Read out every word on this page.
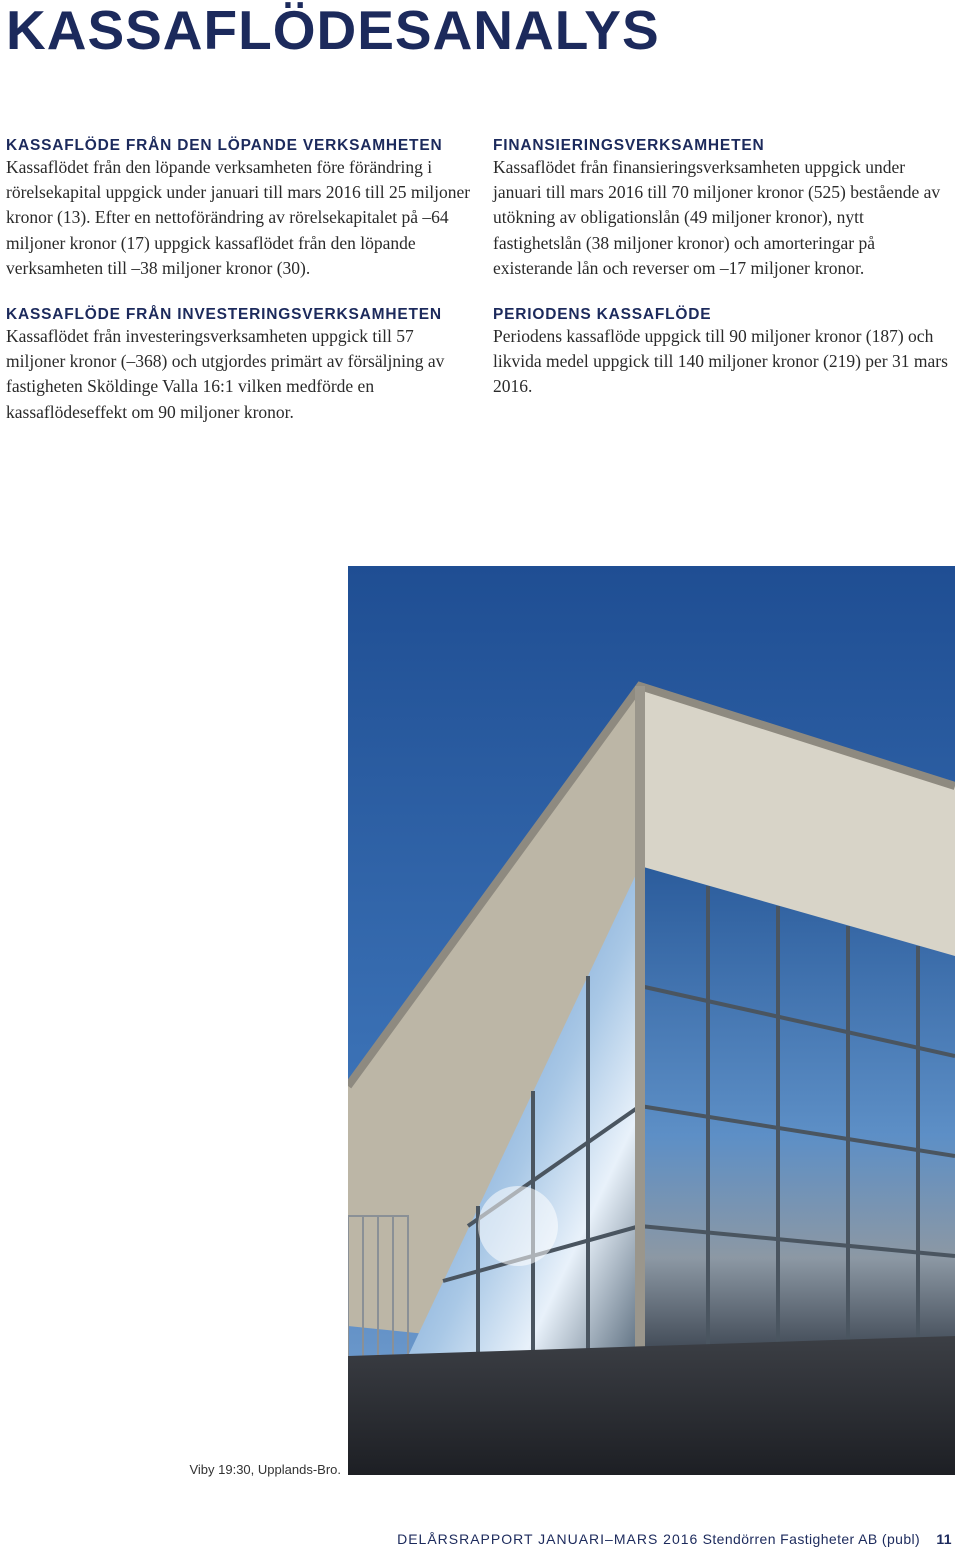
KASSAFLÖDESANALYS
KASSAFLÖDE FRÅN DEN LÖPANDE VERKSAMHETEN

Kassaflödet från den löpande verksamheten före förändring i rörelsekapital uppgick under januari till mars 2016 till 25 miljoner kronor (13). Efter en nettoförändring av rörelsekapitalet på –64 miljoner kronor (17) uppgick kassaflödet från den löpande verksamheten till –38 miljoner kronor (30).

KASSAFLÖDE FRÅN INVESTERINGSVERKSAMHETEN

Kassaflödet från investeringsverksamheten uppgick till 57 miljoner kronor (–368) och utgjordes primärt av försäljning av fastigheten Sköldinge Valla 16:1 vilken medförde en kassaflödeseffekt om 90 miljoner kronor.

FINANSIERINGSVERKSAMHETEN

Kassaflödet från finansieringsverksamheten uppgick under januari till mars 2016 till 70 miljoner kronor (525) bestående av utökning av obligationslån (49 miljoner kronor), nytt fastighetslån (38 miljoner kronor) och amorteringar på existerande lån och reverser om –17 miljoner kronor.

PERIODENS KASSAFLÖDE

Periodens kassaflöde uppgick till 90 miljoner kronor (187) och likvida medel uppgick till 140 miljoner kronor (219) per 31 mars 2016.

Viby 19:30, Upplands-Bro.
DELÅRSRAPPORT JANUARI–MARS 2016 Stendörren Fastigheter AB (publ) 11
